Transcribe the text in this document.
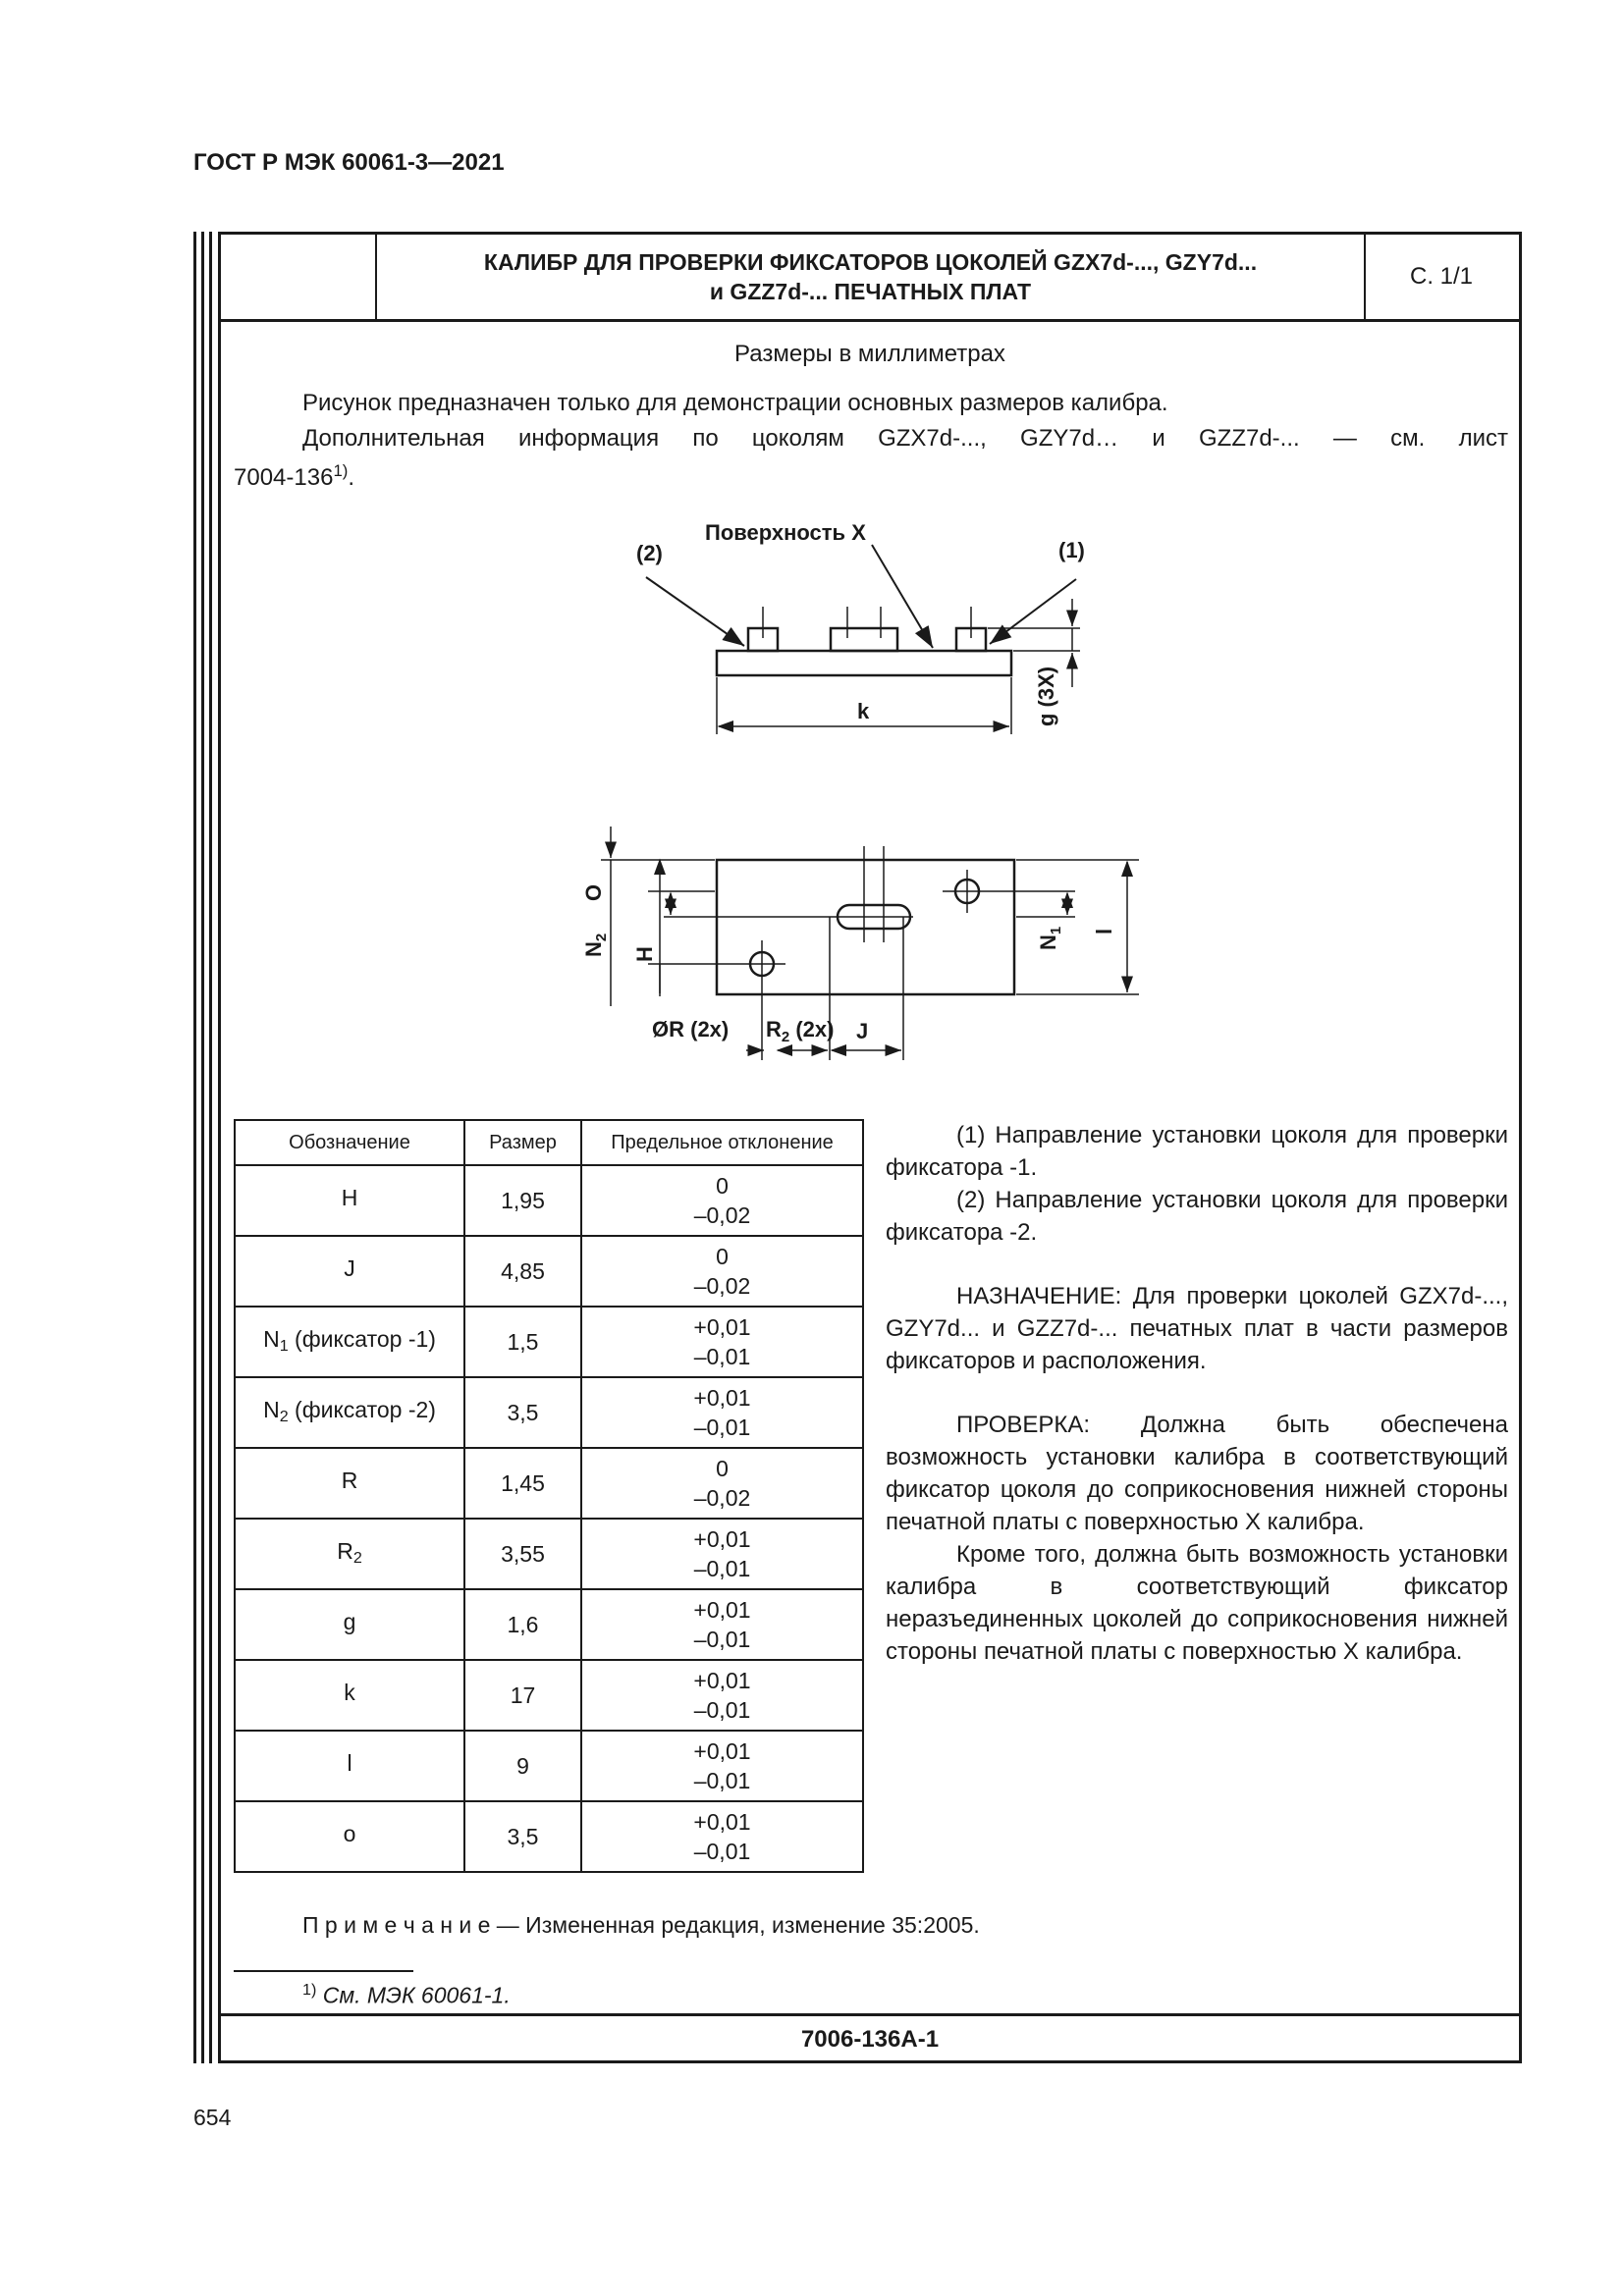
ГОСТ Р МЭК 60061-3—2021
КАЛИБР ДЛЯ ПРОВЕРКИ ФИКСАТОРОВ ЦОКОЛЕЙ GZX7d-..., GZY7d...
и GZZ7d-... ПЕЧАТНЫХ ПЛАТ
С. 1/1
7006-136A-1
Размеры в миллиметрах
Рисунок предназначен только для демонстрации основных размеров калибра.
Дополнительная информация по цоколям GZX7d-..., GZY7d… и GZZ7d-... — см. лист
7004-136$^{1)}$.
(2)
Поверхность X
(1)
k	g (3X)
O
$N_2$
H
$N_1$ l
ØR (2x) $R_2$ (2x) J
Обозначение	Размер	Предельное отклонение
H	1,95	0
–0,02

J	4,85	0
–0,02

$N_1$ (фиксатор -1)	1,5	+0,01
–0,01

$N_2$ (фиксатор -2)	3,5	+0,01
–0,01

R	1,45	0
–0,02

$R_2$	3,55	+0,01
–0,01

g	1,6	+0,01
–0,01

k	17	+0,01
–0,01

l	9	+0,01
–0,01

o	3,5	+0,01
–0,01
(1) Направление установки цоколя для проверки фиксатора -1.
(2) Направление установки цоколя для проверки фиксатора -2.
НАЗНАЧЕНИЕ: Для проверки цоколей GZX7d-..., GZY7d... и GZZ7d-... печатных плат в части размеров фиксаторов и расположения.
ПРОВЕРКА: Должна быть обеспечена возможность установки калибра в соответствующий фиксатор цоколя до соприкосновения нижней стороны печатной платы с поверхностью X калибра.
Кроме того, должна быть возможность установки калибра в соответствующий фиксатор неразъединенных цоколей до соприкосновения нижней стороны печатной платы с поверхностью X калибра.
П р и м е ч а н и е — Измененная редакция, изменение 35:2005.
$^{1)}$ См. МЭК 60061-1.
654
